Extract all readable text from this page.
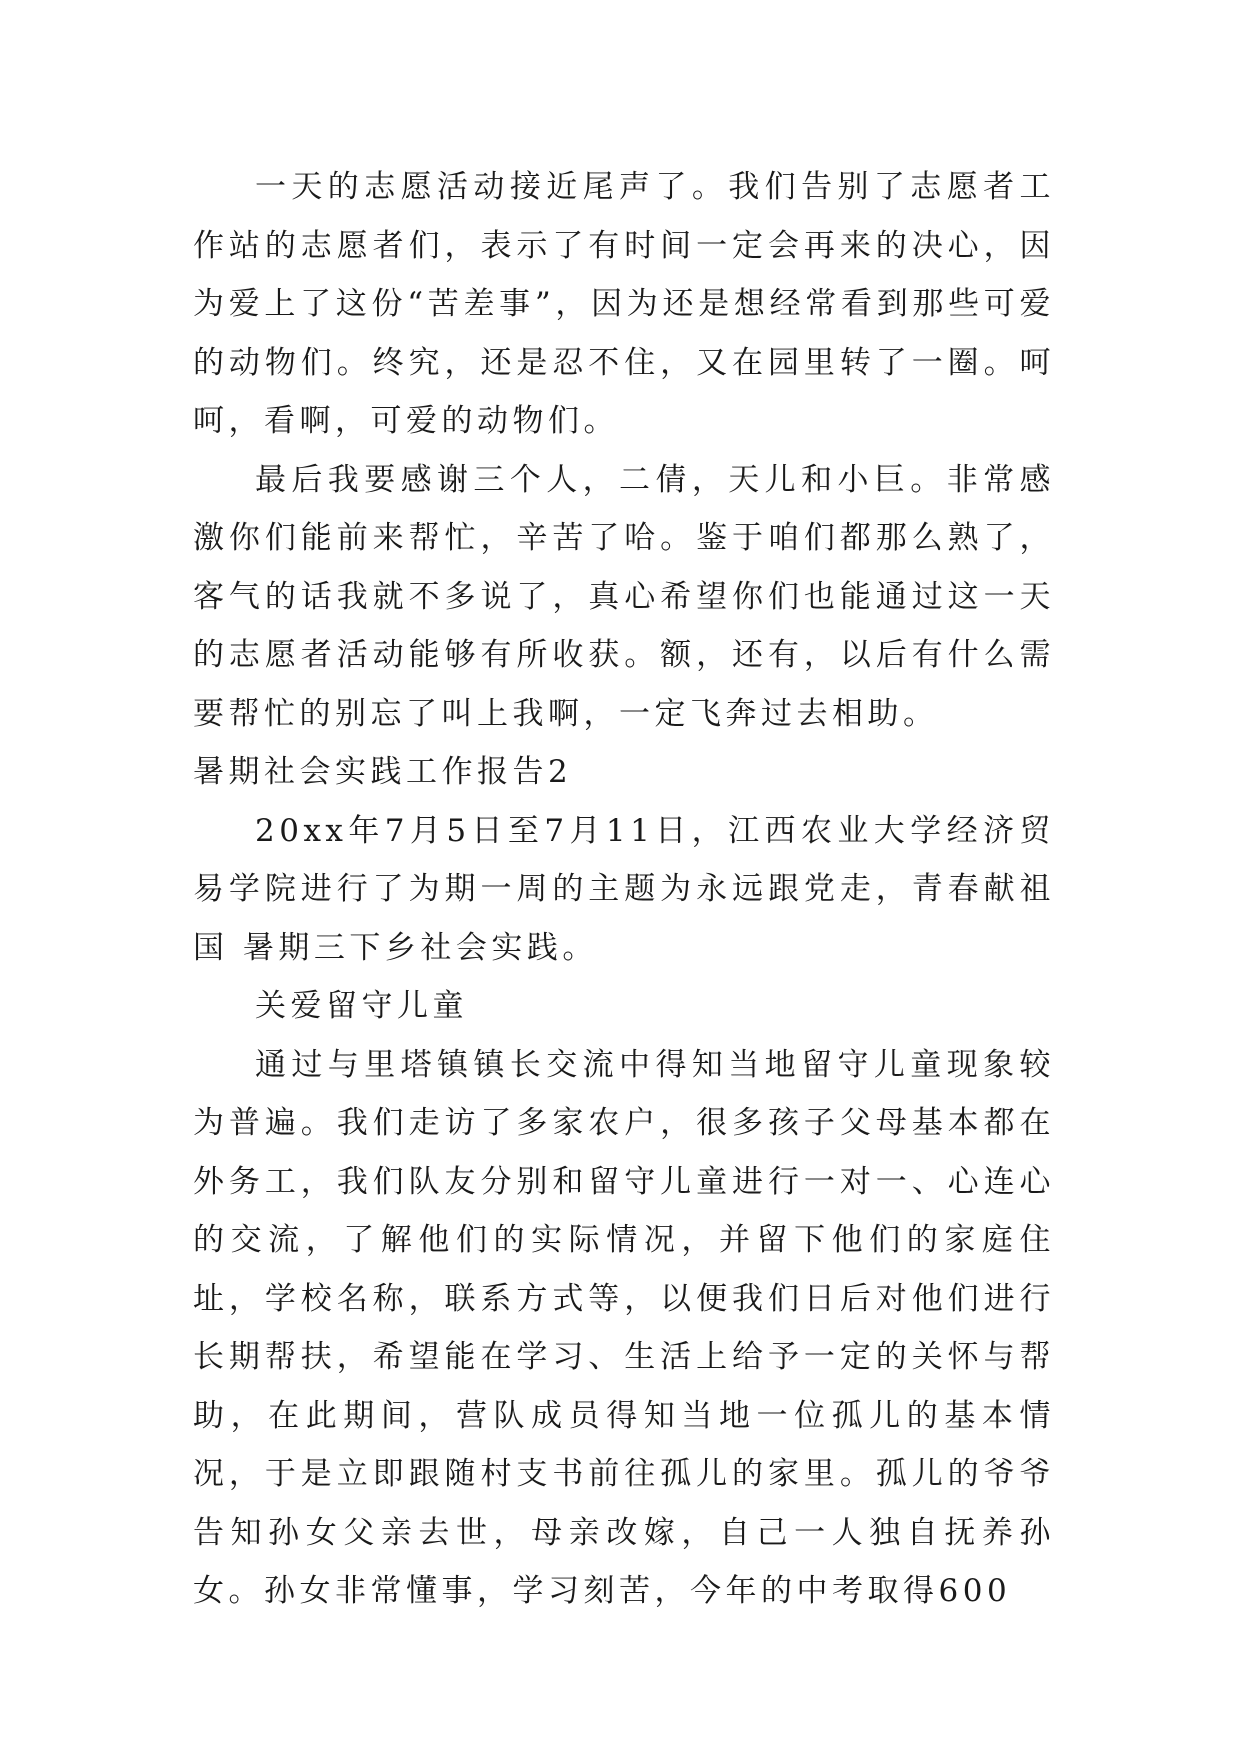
一天的志愿活动接近尾声了。我们告别了志愿者工作站的志愿者们，表示了有时间一定会再来的决心，因为爱上了这份“苦差事”，因为还是想经常看到那些可爱的动物们。终究，还是忍不住，又在园里转了一圈。呵呵，看啊，可爱的动物们。

最后我要感谢三个人，二倩，天儿和小巨。非常感激你们能前来帮忙，辛苦了哈。鉴于咱们都那么熟了，客气的话我就不多说了，真心希望你们也能通过这一天的志愿者活动能够有所收获。额，还有，以后有什么需要帮忙的别忘了叫上我啊，一定飞奔过去相助。

暑期社会实践工作报告2

20xx年7月5日至7月11日，江西农业大学经济贸易学院进行了为期一周的主题为永远跟党走，青春献祖国 暑期三下乡社会实践。

关爱留守儿童

通过与里塔镇镇长交流中得知当地留守儿童现象较为普遍。我们走访了多家农户，很多孩子父母基本都在外务工，我们队友分别和留守儿童进行一对一、心连心的交流，了解他们的实际情况，并留下他们的家庭住址，学校名称，联系方式等，以便我们日后对他们进行长期帮扶，希望能在学习、生活上给予一定的关怀与帮助，在此期间，营队成员得知当地一位孤儿的基本情况，于是立即跟随村支书前往孤儿的家里。孤儿的爷爷告知孙女父亲去世，母亲改嫁，自己一人独自抚养孙女。孙女非常懂事，学习刻苦，今年的中考取得600
